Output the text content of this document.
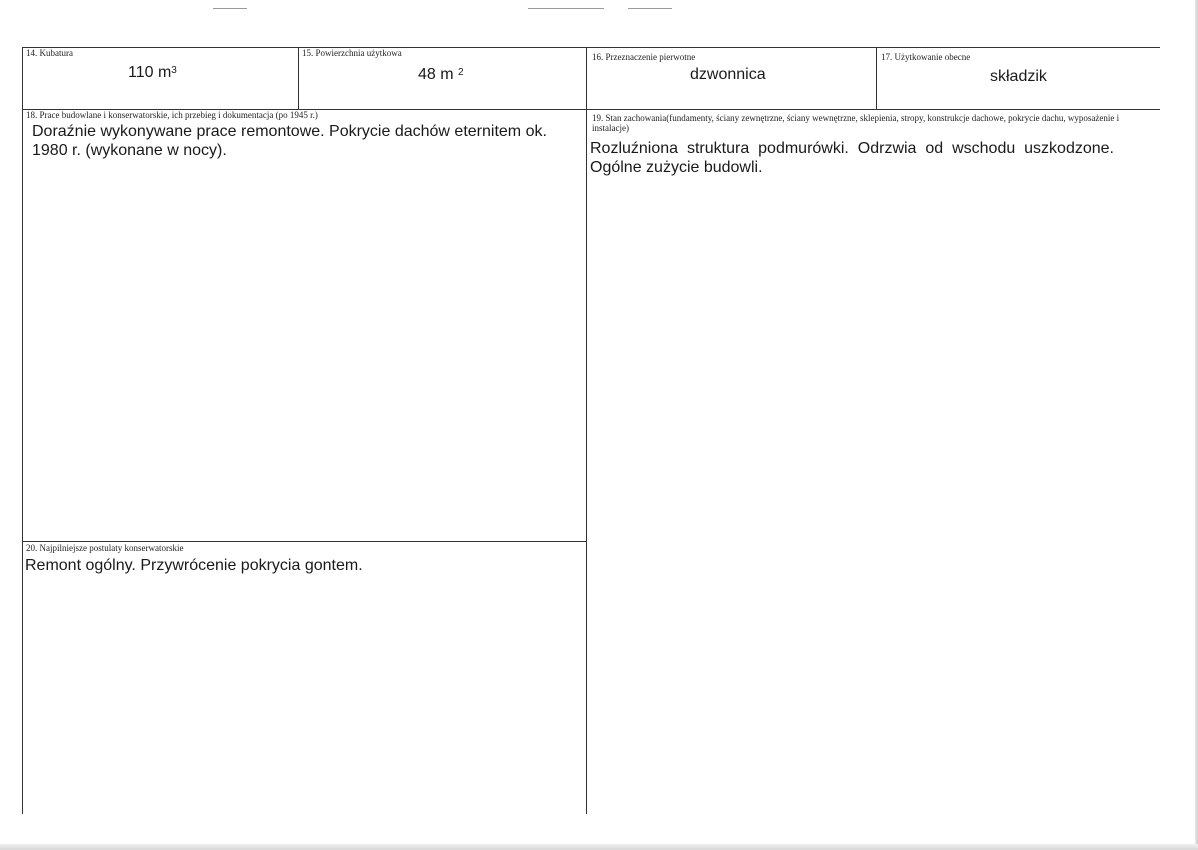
14. Kubatura
110 $m^3$
15. Powierzchnia użytkowa
48 m $^2$
16. Przeznaczenie pierwotne
dzwonnica
17. Użytkowanie obecne
składzik
18. Prace budowlane i konserwatorskie, ich przebieg i dokumentacja (po 1945 r.)
Doraźnie wykonywane prace remontowe. Pokrycie dachów eternitem ok. 1980 r. (wykonane w nocy).
19. Stan zachowania(fundamenty, ściany zewnętrzne, ściany wewnętrzne, sklepienia, stropy, konstrukcje dachowe, pokrycie dachu, wyposażenie i instalacje)
Rozluźniona struktura podmurówki. Odrzwia od wschodu uszkodzone. Ogólne zużycie budowli.
20. Najpilniejsze postulaty konserwatorskie
Remont ogólny. Przywrócenie pokrycia gontem.
